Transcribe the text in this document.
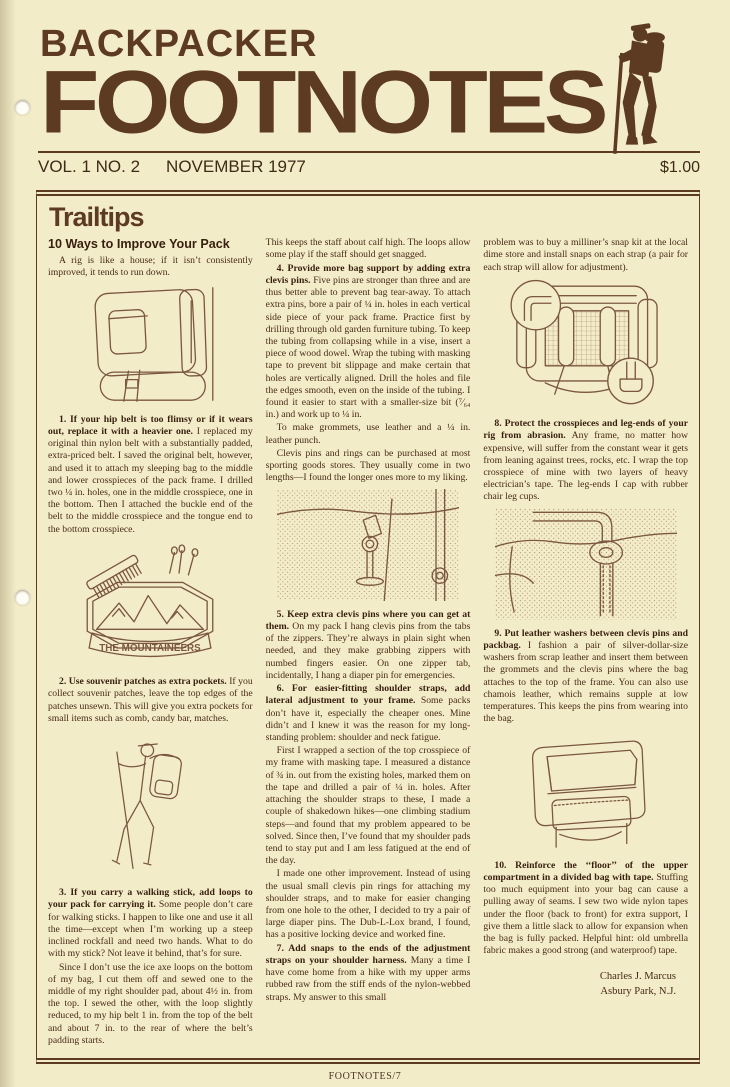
BACKPACKER
FOOTNOTES
VOL. 1 NO. 2 NOVEMBER 1977	$1.00
Trailtips
10 Ways to Improve Your Pack

A rig is like a house; if it isn’t consistently improved, it tends to run down.

1. If your hip belt is too flimsy or if it wears out, replace it with a heavier one. I replaced my original thin nylon belt with a substantially padded, extra-priced belt. I saved the original belt, however, and used it to attach my sleeping bag to the middle and lower crosspieces of the pack frame. I drilled two ¼ in. holes, one in the middle crosspiece, one in the bottom. Then I attached the buckle end of the belt to the middle crosspiece and the tongue end to the bottom crosspiece.

THE MOUNTAINEERS

2. Use souvenir patches as extra pockets. If you collect souvenir patches, leave the top edges of the patches unsewn. This will give you extra pockets for small items such as comb, candy bar, matches.

3. If you carry a walking stick, add loops to your pack for carrying it. Some people don’t care for walking sticks. I happen to like one and use it all the time—except when I’m working up a steep inclined rockfall and need two hands. What to do with my stick? Not leave it behind, that’s for sure.

Since I don’t use the ice axe loops on the bottom of my bag, I cut them off and sewed one to the middle of my right shoulder pad, about 4½ in. from the top. I sewed the other, with the loop slightly reduced, to my hip belt 1 in. from the top of the belt and about 7 in. to the rear of where the belt’s padding starts.

This keeps the staff about calf high. The loops allow some play if the staff should get snagged.

4. Provide more bag support by adding extra clevis pins. Five pins are stronger than three and are thus better able to prevent bag tear-away. To attach extra pins, bore a pair of ¼ in. holes in each vertical side piece of your pack frame. Practice first by drilling through old garden furniture tubing. To keep the tubing from collapsing while in a vise, insert a piece of wood dowel. Wrap the tubing with masking tape to prevent bit slippage and make certain that holes are vertically aligned. Drill the holes and file the edges smooth, even on the inside of the tubing. I found it easier to start with a smaller-size bit (⁷⁄₆₄ in.) and work up to ¼ in.

To make grommets, use leather and a ¼ in. leather punch.

Clevis pins and rings can be purchased at most sporting goods stores. They usually come in two lengths—I found the longer ones more to my liking.

5. Keep extra clevis pins where you can get at them. On my pack I hang clevis pins from the tabs of the zippers. They’re always in plain sight when needed, and they make grabbing zippers with numbed fingers easier. On one zipper tab, incidentally, I hang a diaper pin for emergencies.

6. For easier-fitting shoulder straps, add lateral adjustment to your frame. Some packs don’t have it, especially the cheaper ones. Mine didn’t and I knew it was the reason for my long-standing problem: shoulder and neck fatigue.

First I wrapped a section of the top crosspiece of my frame with masking tape. I measured a distance of ¾ in. out from the existing holes, marked them on the tape and drilled a pair of ¼ in. holes. After attaching the shoulder straps to these, I made a couple of shakedown hikes—one climbing stadium steps—and found that my problem appeared to be solved. Since then, I’ve found that my shoulder pads tend to stay put and I am less fatigued at the end of the day.

I made one other improvement. Instead of using the usual small clevis pin rings for attaching my shoulder straps, and to make for easier changing from one hole to the other, I decided to try a pair of large diaper pins. The Dub-L-Lox brand, I found, has a positive locking device and worked fine.

7. Add snaps to the ends of the adjustment straps on your shoulder harness. Many a time I have come home from a hike with my upper arms rubbed raw from the stiff ends of the nylon-webbed straps. My answer to this small

problem was to buy a milliner’s snap kit at the local dime store and install snaps on each strap (a pair for each strap will allow for adjustment).

8. Protect the crosspieces and leg-ends of your rig from abrasion. Any frame, no matter how expensive, will suffer from the constant wear it gets from leaning against trees, rocks, etc. I wrap the top crosspiece of mine with two layers of heavy electrician’s tape. The leg-ends I cap with rubber chair leg cups.

9. Put leather washers between clevis pins and packbag. I fashion a pair of silver-dollar-size washers from scrap leather and insert them between the grommets and the clevis pins where the bag attaches to the top of the frame. You can also use chamois leather, which remains supple at low temperatures. This keeps the pins from wearing into the bag.

10. Reinforce the ‘‘floor’’ of the upper compartment in a divided bag with tape. Stuffing too much equipment into your bag can cause a pulling away of seams. I sew two wide nylon tapes under the floor (back to front) for extra support, I give them a little slack to allow for expansion when the bag is fully packed. Helpful hint: old umbrella fabric makes a good strong (and waterproof) tape.

Charles J. Marcus
Asbury Park, N.J.
FOOTNOTES/7
